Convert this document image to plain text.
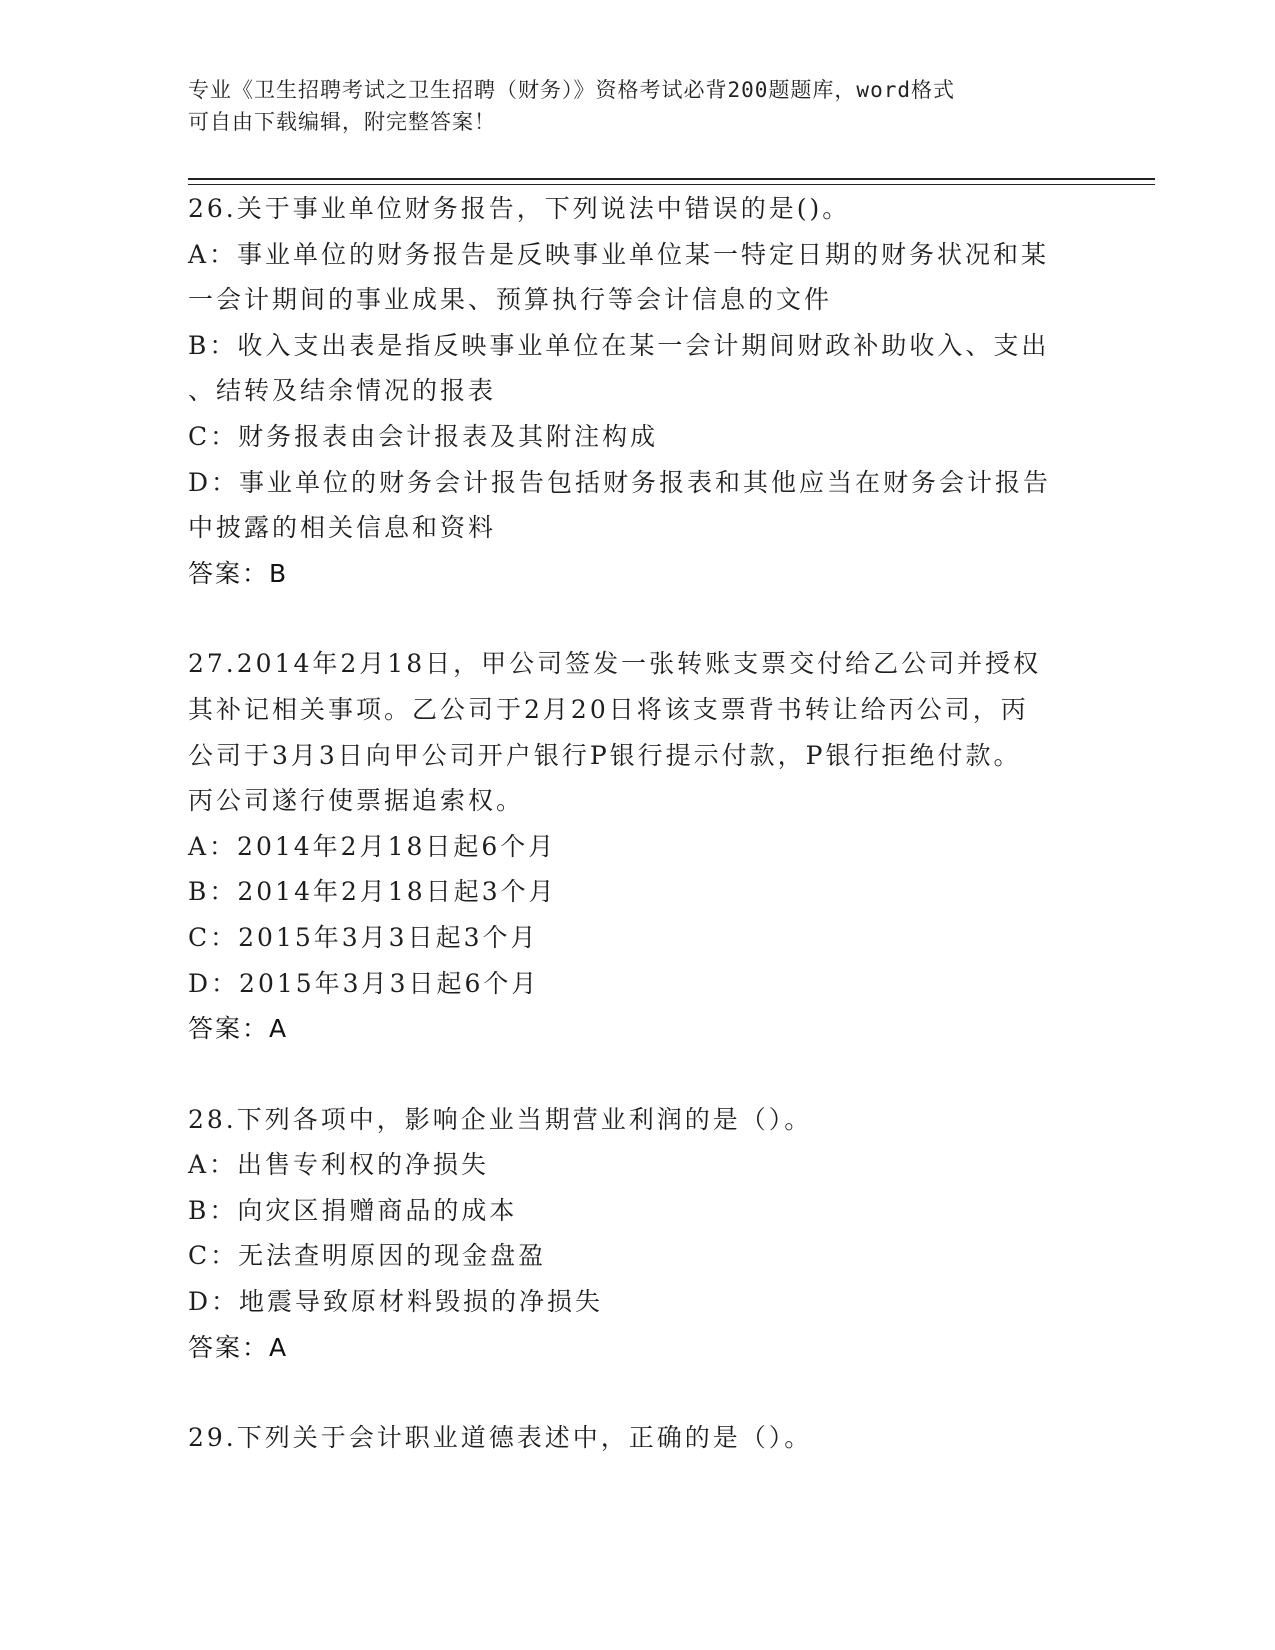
专业《卫生招聘考试之卫生招聘（财务）》资格考试必背200题题库，word格式
可自由下载编辑，附完整答案！

26.关于事业单位财务报告，下列说法中错误的是()。

A：事业单位的财务报告是反映事业单位某一特定日期的财务状况和某

一会计期间的事业成果、预算执行等会计信息的文件

B：收入支出表是指反映事业单位在某一会计期间财政补助收入、支出

、结转及结余情况的报表

C：财务报表由会计报表及其附注构成

D：事业单位的财务会计报告包括财务报表和其他应当在财务会计报告

中披露的相关信息和资料

答案：B

27.2014年2月18日，甲公司签发一张转账支票交付给乙公司并授权

其补记相关事项。乙公司于2月20日将该支票背书转让给丙公司，丙

公司于3月3日向甲公司开户银行P银行提示付款，P银行拒绝付款。

丙公司遂行使票据追索权。

A：2014年2月18日起6个月

B：2014年2月18日起3个月

C：2015年3月3日起3个月

D：2015年3月3日起6个月

答案：A

28.下列各项中，影响企业当期营业利润的是（）。

A：出售专利权的净损失

B：向灾区捐赠商品的成本

C：无法查明原因的现金盘盈

D：地震导致原材料毁损的净损失

答案：A

29.下列关于会计职业道德表述中，正确的是（）。
